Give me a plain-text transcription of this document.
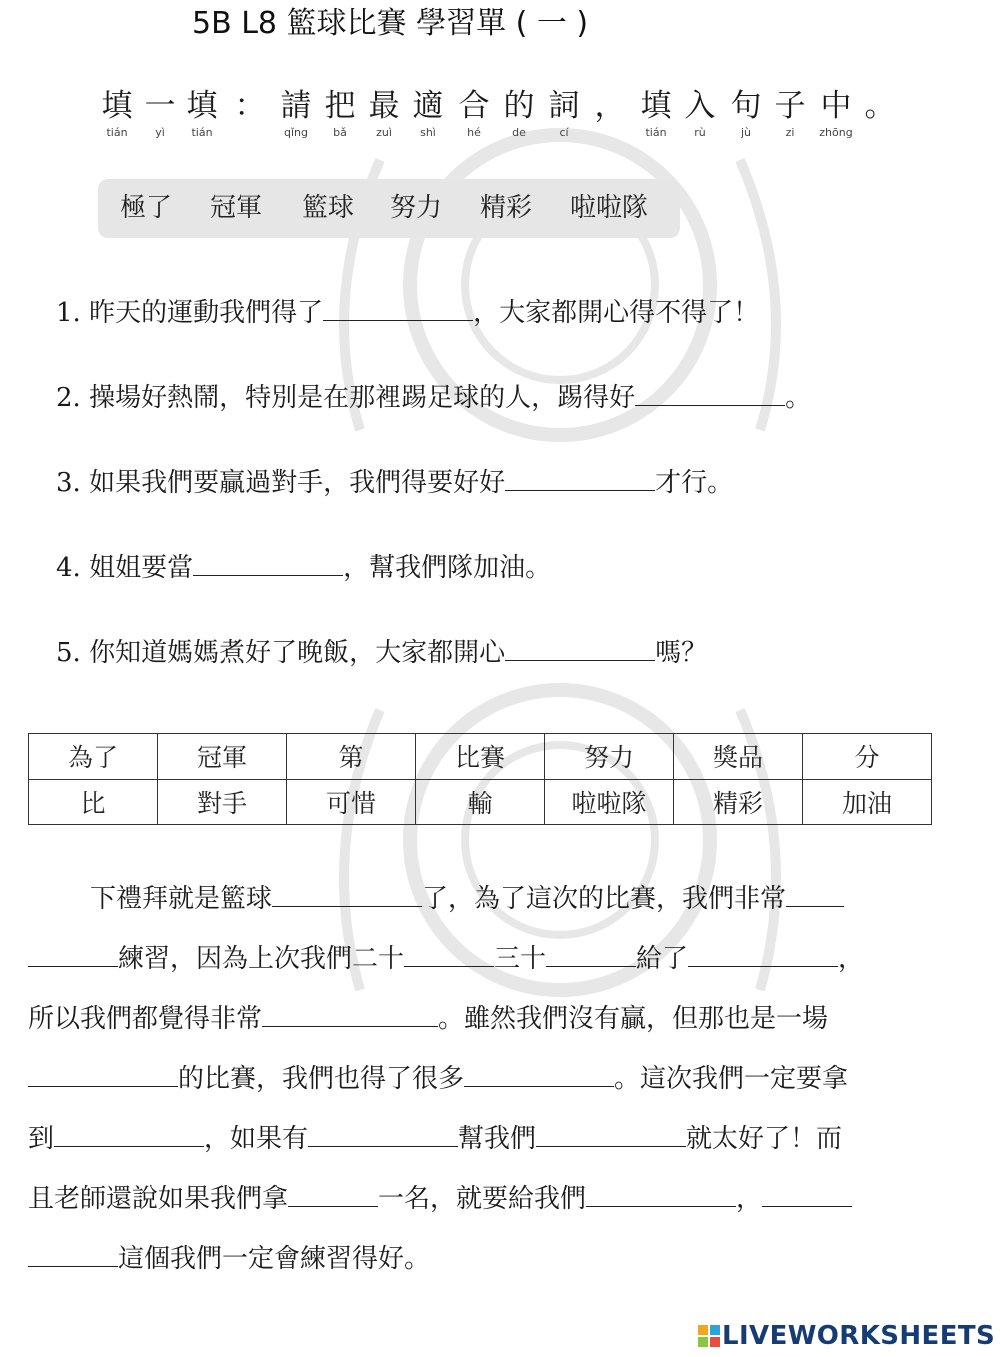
5B L8 籃球比賽 學習單 ( 一 )
填
tián
一
yì
填
tián
： 請
qǐng
把
bǎ
最
zuì
適
shì
合
hé
的
de
詞
cí
， 填
tián
入
rù
句
jù
子
zi
中
zhōng
。
極了 冠軍 籃球 努力 精彩 啦啦隊
1. 昨天的運動我們得了	，大家都開心得不得了！
2. 操場好熱鬧，特別是在那裡踢足球的人，踢得好	。
3. 如果我們要贏過對手，我們得要好好	才行。
4. 姐姐要當	，幫我們隊加油。
5. 你知道媽媽煮好了晚飯，大家都開心	嗎？
為了	冠軍	第	比賽	努力	獎品	分
比	對手	可惜	輸	啦啦隊	精彩	加油
下禮拜就是籃球	了，為了這次的比賽，我們非常
練習，因為上次我們二十	三十	給了	，
所以我們都覺得非常	。雖然我們沒有贏，但那也是一場
的比賽，我們也得了很多	。這次我們一定要拿
到	，如果有	幫我們	就太好了！而
且老師還說如果我們拿	一名，就要給我們	，
這個我們一定會練習得好。
LIVEWORKSHEETS
